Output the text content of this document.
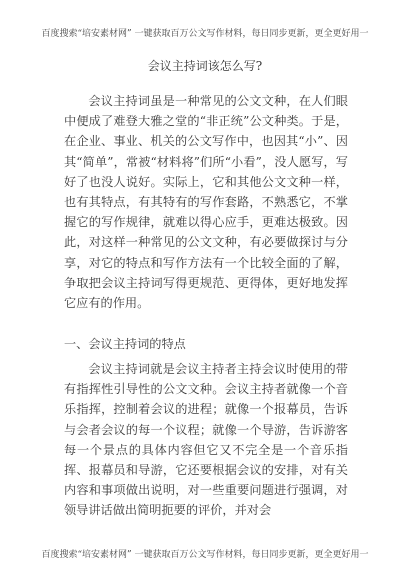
百度搜索“培安素材网” 一键获取百万公文写作材料，每日同步更新，更全更好用一
会议主持词该怎么写?

会议主持词虽是一种常见的公文文种，在人们眼中便成了难登大雅之堂的“非正统”公文种类。于是，在企业、事业、机关的公文写作中，也因其“小”、因其“简单”，常被“材料将”们所“小看”，没人愿写，写好了也没人说好。实际上，它和其他公文文种一样，也有其特点，有其特有的写作套路，不熟悉它，不掌握它的写作规律，就难以得心应手，更难达极致。因此，对这样一种常见的公文文种，有必要做探讨与分享，对它的特点和写作方法有一个比较全面的了解，争取把会议主持词写得更规范、更得体，更好地发挥它应有的作用。

一、会议主持词的特点

会议主持词就是会议主持者主持会议时使用的带有指挥性引导性的公文文种。会议主持者就像一个音乐指挥，控制着会议的进程；就像一个报幕员，告诉与会者会议的每一个议程；就像一个导游，告诉游客每一个景点的具体内容但它又不完全是一个音乐指挥、报幕员和导游，它还要根据会议的安排，对有关内容和事项做出说明，对一些重要问题进行强调，对领导讲话做出简明扼要的评价，并对会

百度搜索“培安素材网” 一键获取百万公文写作材料，每日同步更新，更全更好用一
